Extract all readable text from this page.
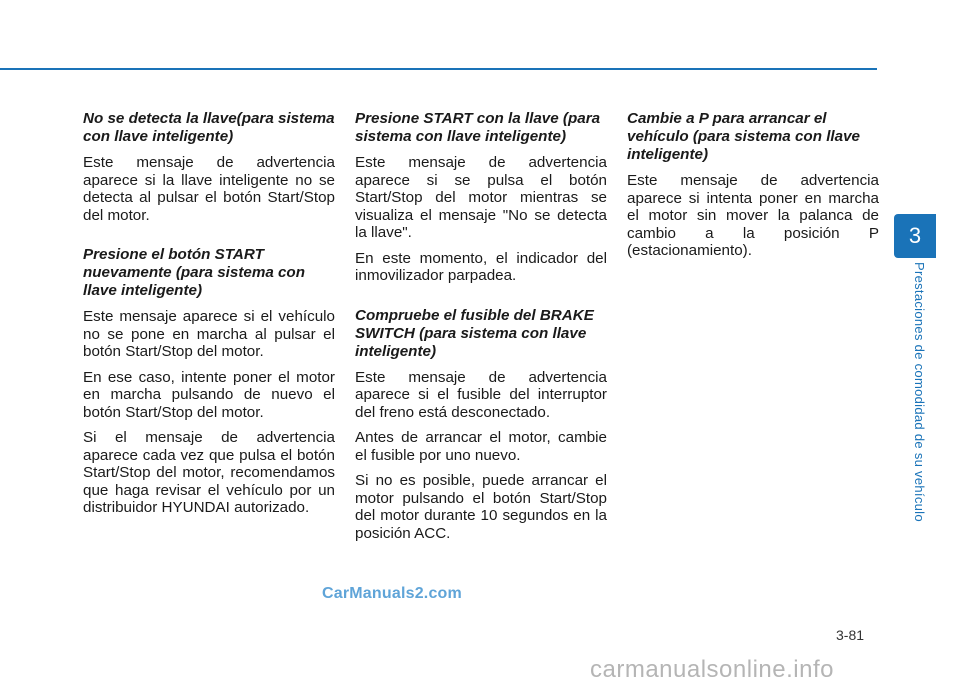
No se detecta la llave(para sistema con llave inteligente)

Este mensaje de advertencia aparece si la llave inteligente no se detecta al pulsar el botón Start/Stop del motor.

Presione el botón START nuevamente (para sistema con llave inteligente)

Este mensaje aparece si el vehículo no se pone en marcha al pulsar el botón Start/Stop del motor.

En ese caso, intente poner el motor en marcha pulsando de nuevo el botón Start/Stop del motor.

Si el mensaje de advertencia aparece cada vez que pulsa el botón Start/Stop del motor, recomendamos que haga revisar el vehículo por un distribuidor HYUNDAI autorizado.

Presione START con la llave (para sistema con llave inteligente)

Este mensaje de advertencia aparece si se pulsa el botón Start/Stop del motor mientras se visualiza el mensaje "No se detecta la llave".

En este momento, el indicador del inmovilizador parpadea.

Compruebe el fusible del BRAKE SWITCH (para sistema con llave inteligente)

Este mensaje de advertencia aparece si el fusible del interruptor del freno está desconectado.

Antes de arrancar el motor, cambie el fusible por uno nuevo.

Si no es posible, puede arrancar el motor pulsando el botón Start/Stop del motor durante 10 segundos en la posición ACC.

Cambie a P para arrancar el vehículo (para sistema con llave inteligente)

Este mensaje de advertencia aparece si intenta poner en marcha el motor sin mover la palanca de cambio a la posición P (estacionamiento).

3
Prestaciones de comodidad de su vehículo
3-81
CarManuals2.com
carmanualsonline.info
